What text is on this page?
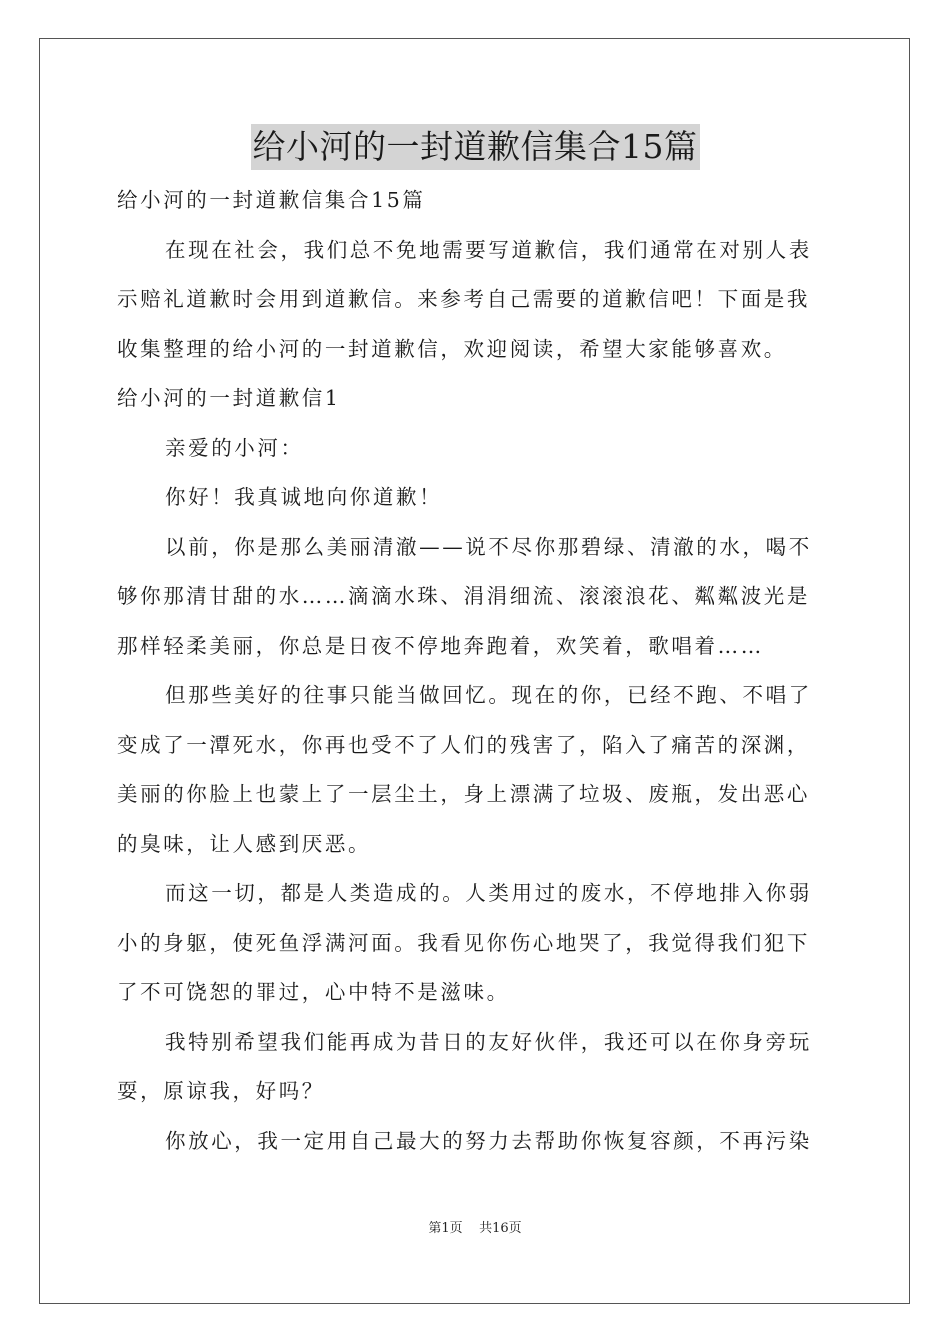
给小河的一封道歉信集合15篇
给小河的一封道歉信集合15篇
在现在社会，我们总不免地需要写道歉信，我们通常在对别人表
示赔礼道歉时会用到道歉信。来参考自己需要的道歉信吧！下面是我
收集整理的给小河的一封道歉信，欢迎阅读，希望大家能够喜欢。
给小河的一封道歉信1
亲爱的小河：
你好！我真诚地向你道歉！
以前，你是那么美丽清澈——说不尽你那碧绿、清澈的水，喝不
够你那清甘甜的水……滴滴水珠、涓涓细流、滚滚浪花、粼粼波光是
那样轻柔美丽，你总是日夜不停地奔跑着，欢笑着，歌唱着……
但那些美好的往事只能当做回忆。现在的你，已经不跑、不唱了
变成了一潭死水，你再也受不了人们的残害了，陷入了痛苦的深渊，
美丽的你脸上也蒙上了一层尘土，身上漂满了垃圾、废瓶，发出恶心
的臭味，让人感到厌恶。
而这一切，都是人类造成的。人类用过的废水，不停地排入你弱
小的身躯，使死鱼浮满河面。我看见你伤心地哭了，我觉得我们犯下
了不可饶恕的罪过，心中特不是滋味。
我特别希望我们能再成为昔日的友好伙伴，我还可以在你身旁玩
耍，原谅我，好吗？
你放心，我一定用自己最大的努力去帮助你恢复容颜，不再污染
第1页 共16页
